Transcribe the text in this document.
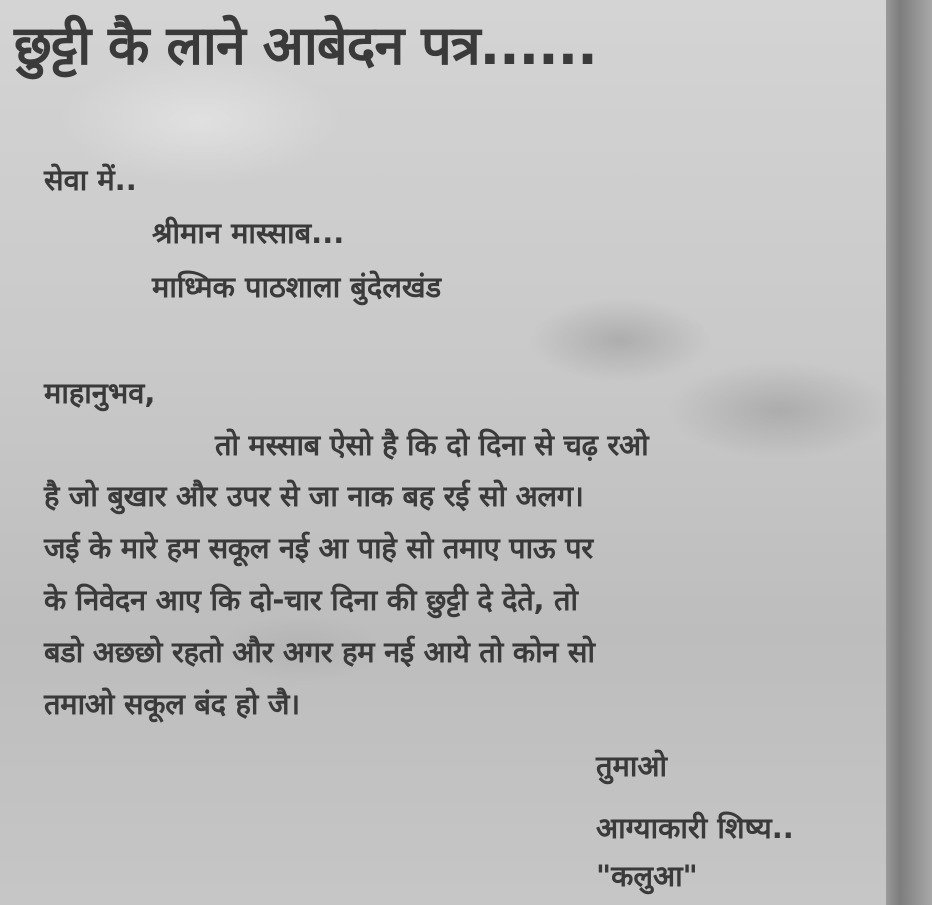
छुट्टी कै लाने आबेदन पत्र......
सेवा में..
श्रीमान मास्साब...
माध्मिक पाठशाला बुंदेलखंड
माहानुभव,
तो मस्साब ऐसो है कि दो दिना से चढ़ रओ
है जो बुखार और उपर से जा नाक बह रई सो अलग।
जई के मारे हम सकूल नई आ पाहे सो तमाए पाऊ पर
के निवेदन आए कि दो-चार दिना की छुट्टी दे देते, तो
बडो अछछो रहतो और अगर हम नई आये तो कोन सो
तमाओ सकूल बंद हो जै।
तुमाओ
आग्याकारी शिष्य..
"कलुआ"
